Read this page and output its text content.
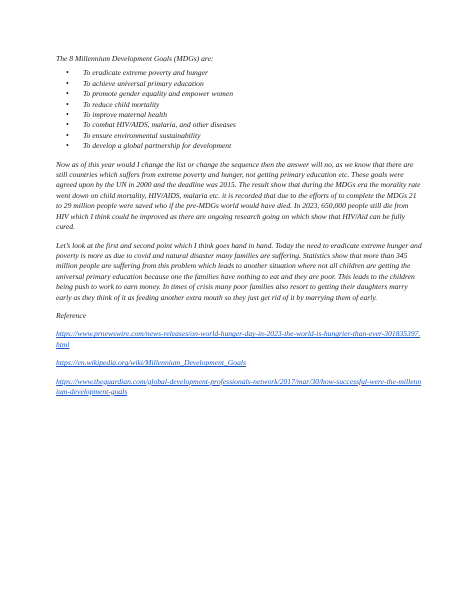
The 8 Millennium Development Goals (MDGs) are:

• To eradicate extreme poverty and hunger
• To achieve universal primary education
• To promote gender equality and empower women
• To reduce child mortality
• To improve maternal health
• To combat HIV/AIDS, malaria, and other diseases
• To ensure environmental sustainability
• To develop a global partnership for development

Now as of this year would I change the list or change the sequence then the answer will no, as we know that there are still countries which suffers from extreme poverty and hunger, not getting primary education etc. These goals were agreed upon by the UN in 2000 and the deadline was 2015. The result show that during the MDGs era the morality rate went down on child mortality, HIV/AIDS, malaria etc. it is recorded that due to the efforts of to complete the MDGs 21 to 29 million people were saved who if the pre-MDGs world would have died. In 2023, 650,000 people still die from HIV which I think could be improved as there are ongoing research going on which show that HIV/Aid can be fully cured.

Let’s look at the first and second point which I think goes hand in hand. Today the need to eradicate extreme hunger and poverty is more as due to covid and natural disaster many families are suffering. Statistics show that more than 345 million people are suffering from this problem which leads to another situation where not all children are getting the universal primary education because one the families have nothing to eat and they are poor. This leads to the children being push to work to earn money. In times of crisis many poor families also resort to getting their daughters marry early as they think of it as feeding another extra mouth so they just get rid of it by marrying them of early.

Reference

https://www.prnewswire.com/news-releases/on-world-hunger-day-in-2023-the-world-is-hungrier-than-ever-301835397.html
https://en.wikipedia.org/wiki/Millennium_Development_Goals
https://www.theguardian.com/global-development-professionals-network/2017/mar/30/how-successful-were-the-millennium-development-goals
